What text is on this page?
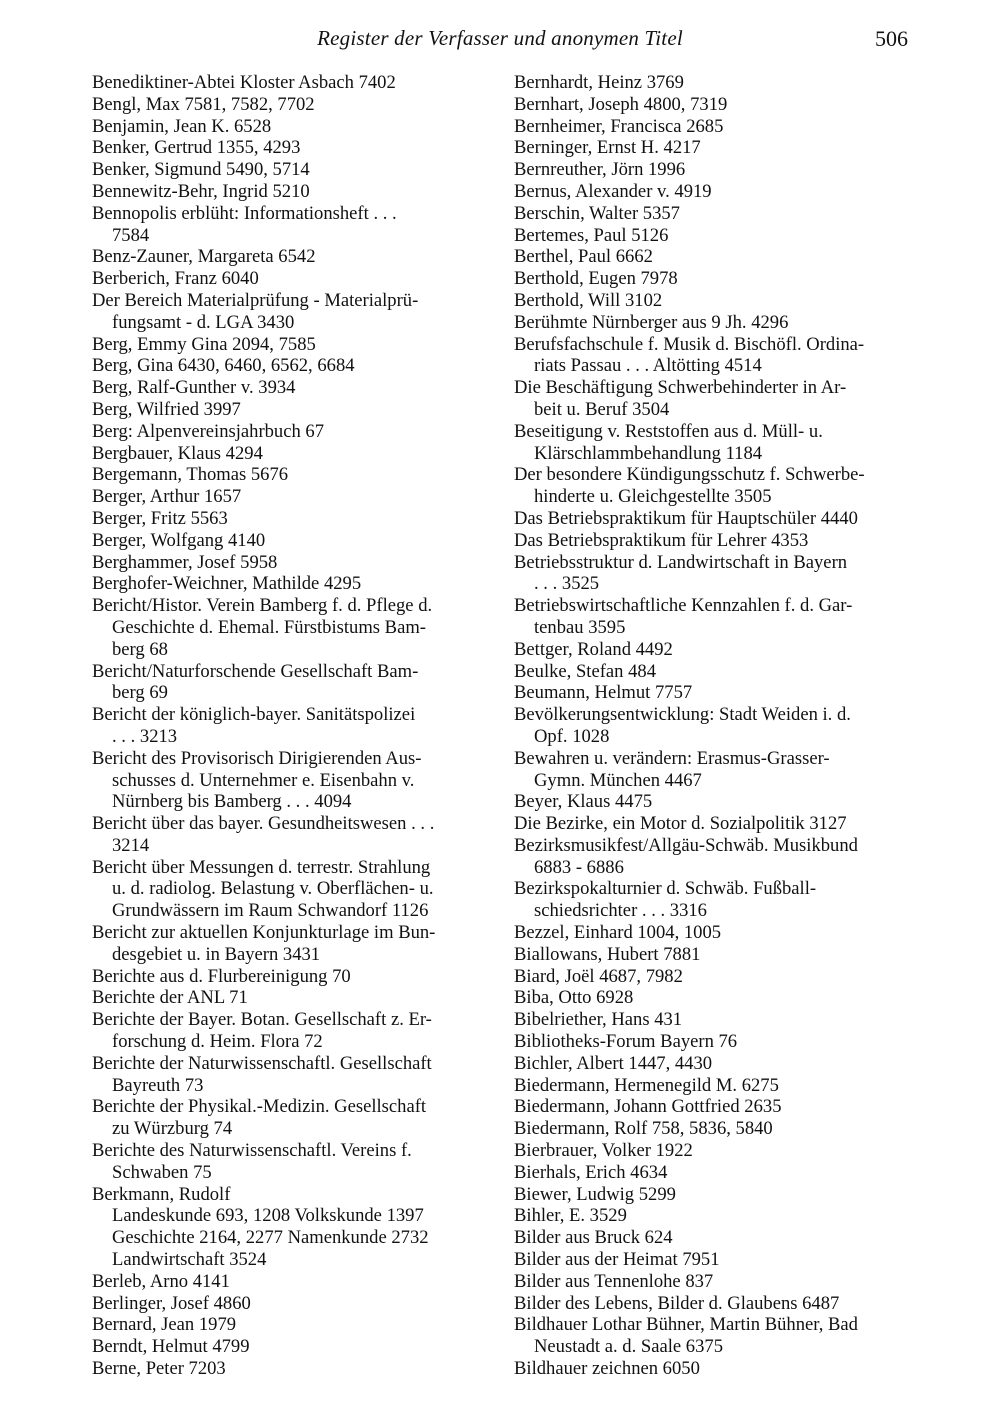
Register der Verfasser und anonymen Titel	506
Benediktiner-Abtei Kloster Asbach 7402
Bengl, Max 7581, 7582, 7702
Benjamin, Jean K. 6528
Benker, Gertrud 1355, 4293
Benker, Sigmund 5490, 5714
Bennewitz-Behr, Ingrid 5210
Bennopolis erblüht: Informationsheft . . .
7584
Benz-Zauner, Margareta 6542
Berberich, Franz 6040
Der Bereich Materialprüfung - Materialprü-
fungsamt - d. LGA 3430
Berg, Emmy Gina 2094, 7585
Berg, Gina 6430, 6460, 6562, 6684
Berg, Ralf-Gunther v. 3934
Berg, Wilfried 3997
Berg: Alpenvereinsjahrbuch 67
Bergbauer, Klaus 4294
Bergemann, Thomas 5676
Berger, Arthur 1657
Berger, Fritz 5563
Berger, Wolfgang 4140
Berghammer, Josef 5958
Berghofer-Weichner, Mathilde 4295
Bericht/Histor. Verein Bamberg f. d. Pflege d.
Geschichte d. Ehemal. Fürstbistums Bam-
berg 68
Bericht/Naturforschende Gesellschaft Bam-
berg 69
Bericht der königlich-bayer. Sanitätspolizei
. . . 3213
Bericht des Provisorisch Dirigierenden Aus-
schusses d. Unternehmer e. Eisenbahn v.
Nürnberg bis Bamberg . . . 4094
Bericht über das bayer. Gesundheitswesen . . .
3214
Bericht über Messungen d. terrestr. Strahlung
u. d. radiolog. Belastung v. Oberflächen- u.
Grundwässern im Raum Schwandorf 1126
Bericht zur aktuellen Konjunkturlage im Bun-
desgebiet u. in Bayern 3431
Berichte aus d. Flurbereinigung 70
Berichte der ANL 71
Berichte der Bayer. Botan. Gesellschaft z. Er-
forschung d. Heim. Flora 72
Berichte der Naturwissenschaftl. Gesellschaft
Bayreuth 73
Berichte der Physikal.-Medizin. Gesellschaft
zu Würzburg 74
Berichte des Naturwissenschaftl. Vereins f.
Schwaben 75
Berkmann, Rudolf
Landeskunde 693, 1208 Volkskunde 1397
Geschichte 2164, 2277 Namenkunde 2732
Landwirtschaft 3524
Berleb, Arno 4141
Berlinger, Josef 4860
Bernard, Jean 1979
Berndt, Helmut 4799
Berne, Peter 7203
Bernhardt, Heinz 3769
Bernhart, Joseph 4800, 7319
Bernheimer, Francisca 2685
Berninger, Ernst H. 4217
Bernreuther, Jörn 1996
Bernus, Alexander v. 4919
Berschin, Walter 5357
Bertemes, Paul 5126
Berthel, Paul 6662
Berthold, Eugen 7978
Berthold, Will 3102
Berühmte Nürnberger aus 9 Jh. 4296
Berufsfachschule f. Musik d. Bischöfl. Ordina-
riats Passau . . . Altötting 4514
Die Beschäftigung Schwerbehinderter in Ar-
beit u. Beruf 3504
Beseitigung v. Reststoffen aus d. Müll- u.
Klärschlammbehandlung 1184
Der besondere Kündigungsschutz f. Schwerbe-
hinderte u. Gleichgestellte 3505
Das Betriebspraktikum für Hauptschüler 4440
Das Betriebspraktikum für Lehrer 4353
Betriebsstruktur d. Landwirtschaft in Bayern
. . . 3525
Betriebswirtschaftliche Kennzahlen f. d. Gar-
tenbau 3595
Bettger, Roland 4492
Beulke, Stefan 484
Beumann, Helmut 7757
Bevölkerungsentwicklung: Stadt Weiden i. d.
Opf. 1028
Bewahren u. verändern: Erasmus-Grasser-
Gymn. München 4467
Beyer, Klaus 4475
Die Bezirke, ein Motor d. Sozialpolitik 3127
Bezirksmusikfest/Allgäu-Schwäb. Musikbund
6883 - 6886
Bezirkspokalturnier d. Schwäb. Fußball-
schiedsrichter . . . 3316
Bezzel, Einhard 1004, 1005
Biallowans, Hubert 7881
Biard, Joël 4687, 7982
Biba, Otto 6928
Bibelriether, Hans 431
Bibliotheks-Forum Bayern 76
Bichler, Albert 1447, 4430
Biedermann, Hermenegild M. 6275
Biedermann, Johann Gottfried 2635
Biedermann, Rolf 758, 5836, 5840
Bierbrauer, Volker 1922
Bierhals, Erich 4634
Biewer, Ludwig 5299
Bihler, E. 3529
Bilder aus Bruck 624
Bilder aus der Heimat 7951
Bilder aus Tennenlohe 837
Bilder des Lebens, Bilder d. Glaubens 6487
Bildhauer Lothar Bühner, Martin Bühner, Bad
Neustadt a. d. Saale 6375
Bildhauer zeichnen 6050
